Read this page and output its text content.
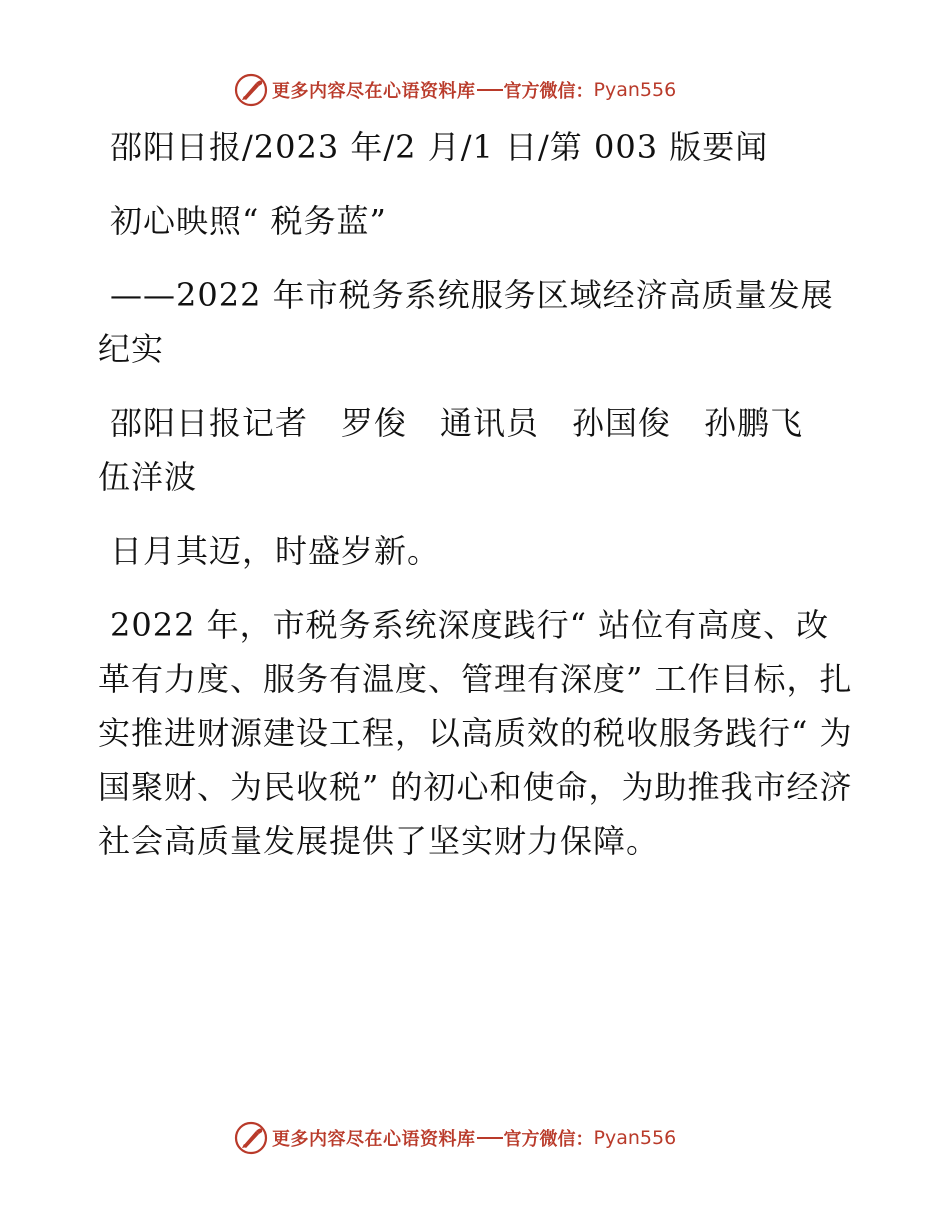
更多内容尽在心语资料库 官方微信： Pyan556

邵阳日报/2023 年/2 月/1 日/第 003 版要闻

初心映照“ 税务蓝”

——2022 年市税务系统服务区域经济高质量发展纪实

邵阳日报记者　罗俊　通讯员　孙国俊　孙鹏飞　伍洋波

日月其迈，时盛岁新。

2022 年，市税务系统深度践行“ 站位有高度、改革有力度、服务有温度、管理有深度” 工作目标，扎实推进财源建设工程，以高质效的税收服务践行“ 为国聚财、为民收税” 的初心和使命，为助推我市经济社会高质量发展提供了坚实财力保障。

更多内容尽在心语资料库 官方微信： Pyan556
